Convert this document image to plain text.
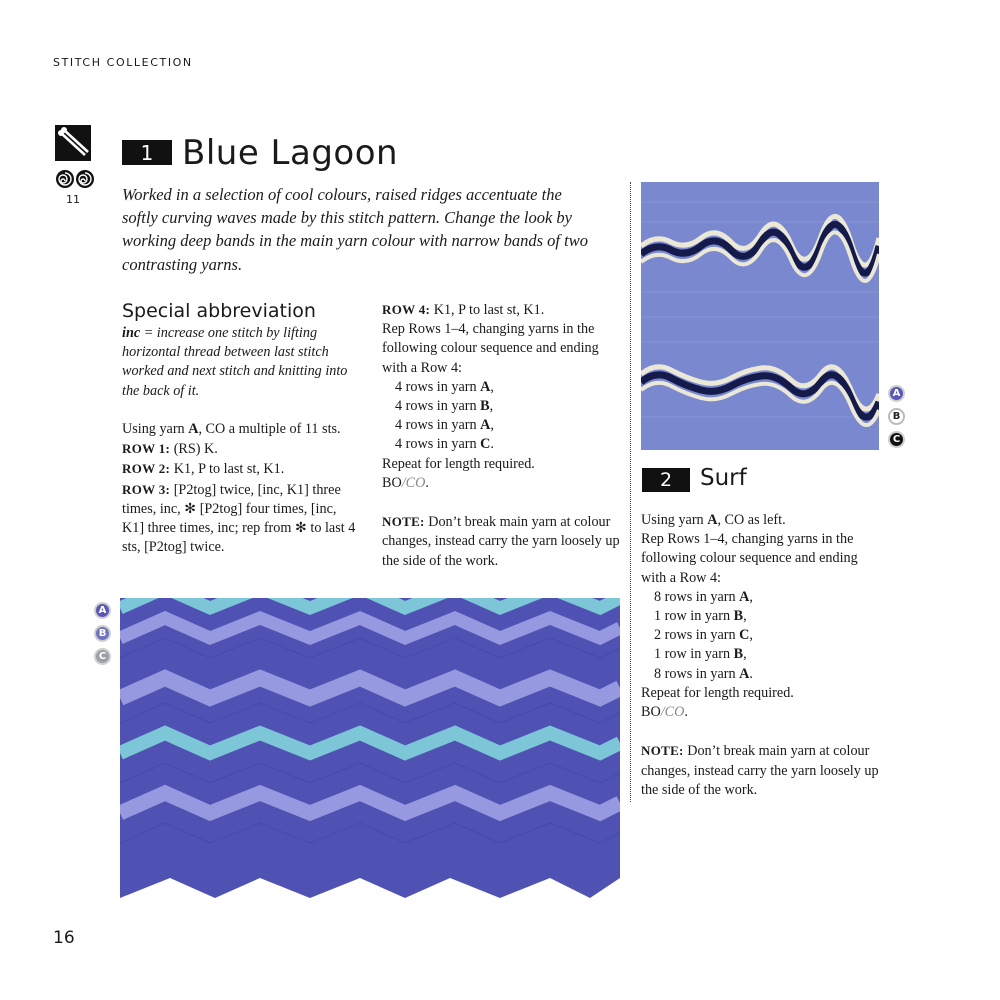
STITCH COLLECTION
11
1 Blue Lagoon
Worked in a selection of cool colours, raised ridges accentuate the softly curving waves made by this stitch pattern. Change the look by working deep bands in the main yarn colour with narrow bands of two contrasting yarns.

Special abbreviation

inc = increase one stitch by lifting horizontal thread between last stitch worked and next stitch and knitting into the back of it.

Using yarn A, CO a multiple of 11 sts.

ROW 1: (RS) K.

ROW 2: K1, P to last st, K1.

ROW 3: [P2tog] twice, [inc, K1] three times, inc, ✻ [P2tog] four times, [inc, K1] three times, inc; rep from ✻ to last 4 sts, [P2tog] twice.

ROW 4: K1, P to last st, K1.

Rep Rows 1–4, changing yarns in the following colour sequence and ending with a Row 4:

4 rows in yarn A,

4 rows in yarn B,

4 rows in yarn A,

4 rows in yarn C.

Repeat for length required.

BO/CO.

NOTE: Don’t break main yarn at colour changes, instead carry the yarn loosely up the side of the work.

A
B
C
2	Surf

Using yarn A, CO as left.

Rep Rows 1–4, changing yarns in the following colour sequence and ending with a Row 4:

8 rows in yarn A,

1 row in yarn B,

2 rows in yarn C,

1 row in yarn B,

8 rows in yarn A.

Repeat for length required.

BO/CO.

NOTE: Don’t break main yarn at colour changes, instead carry the yarn loosely up the side of the work.

A
B
C
16
